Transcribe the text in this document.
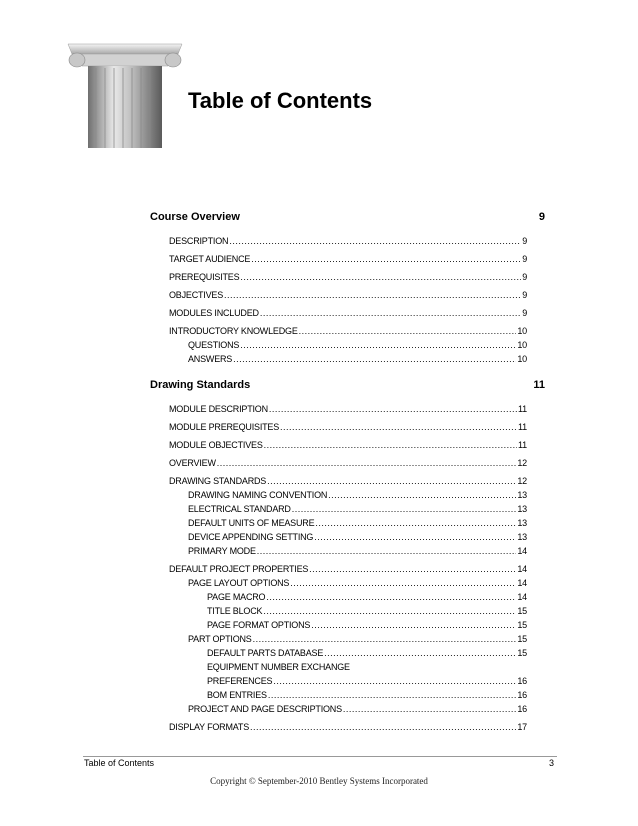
Table of Contents
Course Overview	9
DESCRIPTION .....	9
TARGET AUDIENCE .....	9
PREREQUISITES .....	9
OBJECTIVES .....	9
MODULES INCLUDED .....	9
INTRODUCTORY KNOWLEDGE .....	10
QUESTIONS .....	10
ANSWERS .....	10
Drawing Standards	11
MODULE DESCRIPTION .....	11
MODULE PREREQUISITES .....	11
MODULE OBJECTIVES .....	11
OVERVIEW .....	12
DRAWING STANDARDS .....	12
DRAWING NAMING CONVENTION .....	13
ELECTRICAL STANDARD .....	13
DEFAULT UNITS OF MEASURE .....	13
DEVICE APPENDING SETTING .....	13
PRIMARY MODE .....	14
DEFAULT PROJECT PROPERTIES .....	14
PAGE LAYOUT OPTIONS .....	14
PAGE MACRO .....	14
TITLE BLOCK .....	15
PAGE FORMAT OPTIONS .....	15
PART OPTIONS .....	15
DEFAULT PARTS DATABASE .....	15
EQUIPMENT NUMBER EXCHANGE
PREFERENCES .....	16
BOM ENTRIES .....	16
PROJECT AND PAGE DESCRIPTIONS .....	16
DISPLAY FORMATS .....	17
Table of Contents	3
Copyright © September-2010 Bentley Systems Incorporated
